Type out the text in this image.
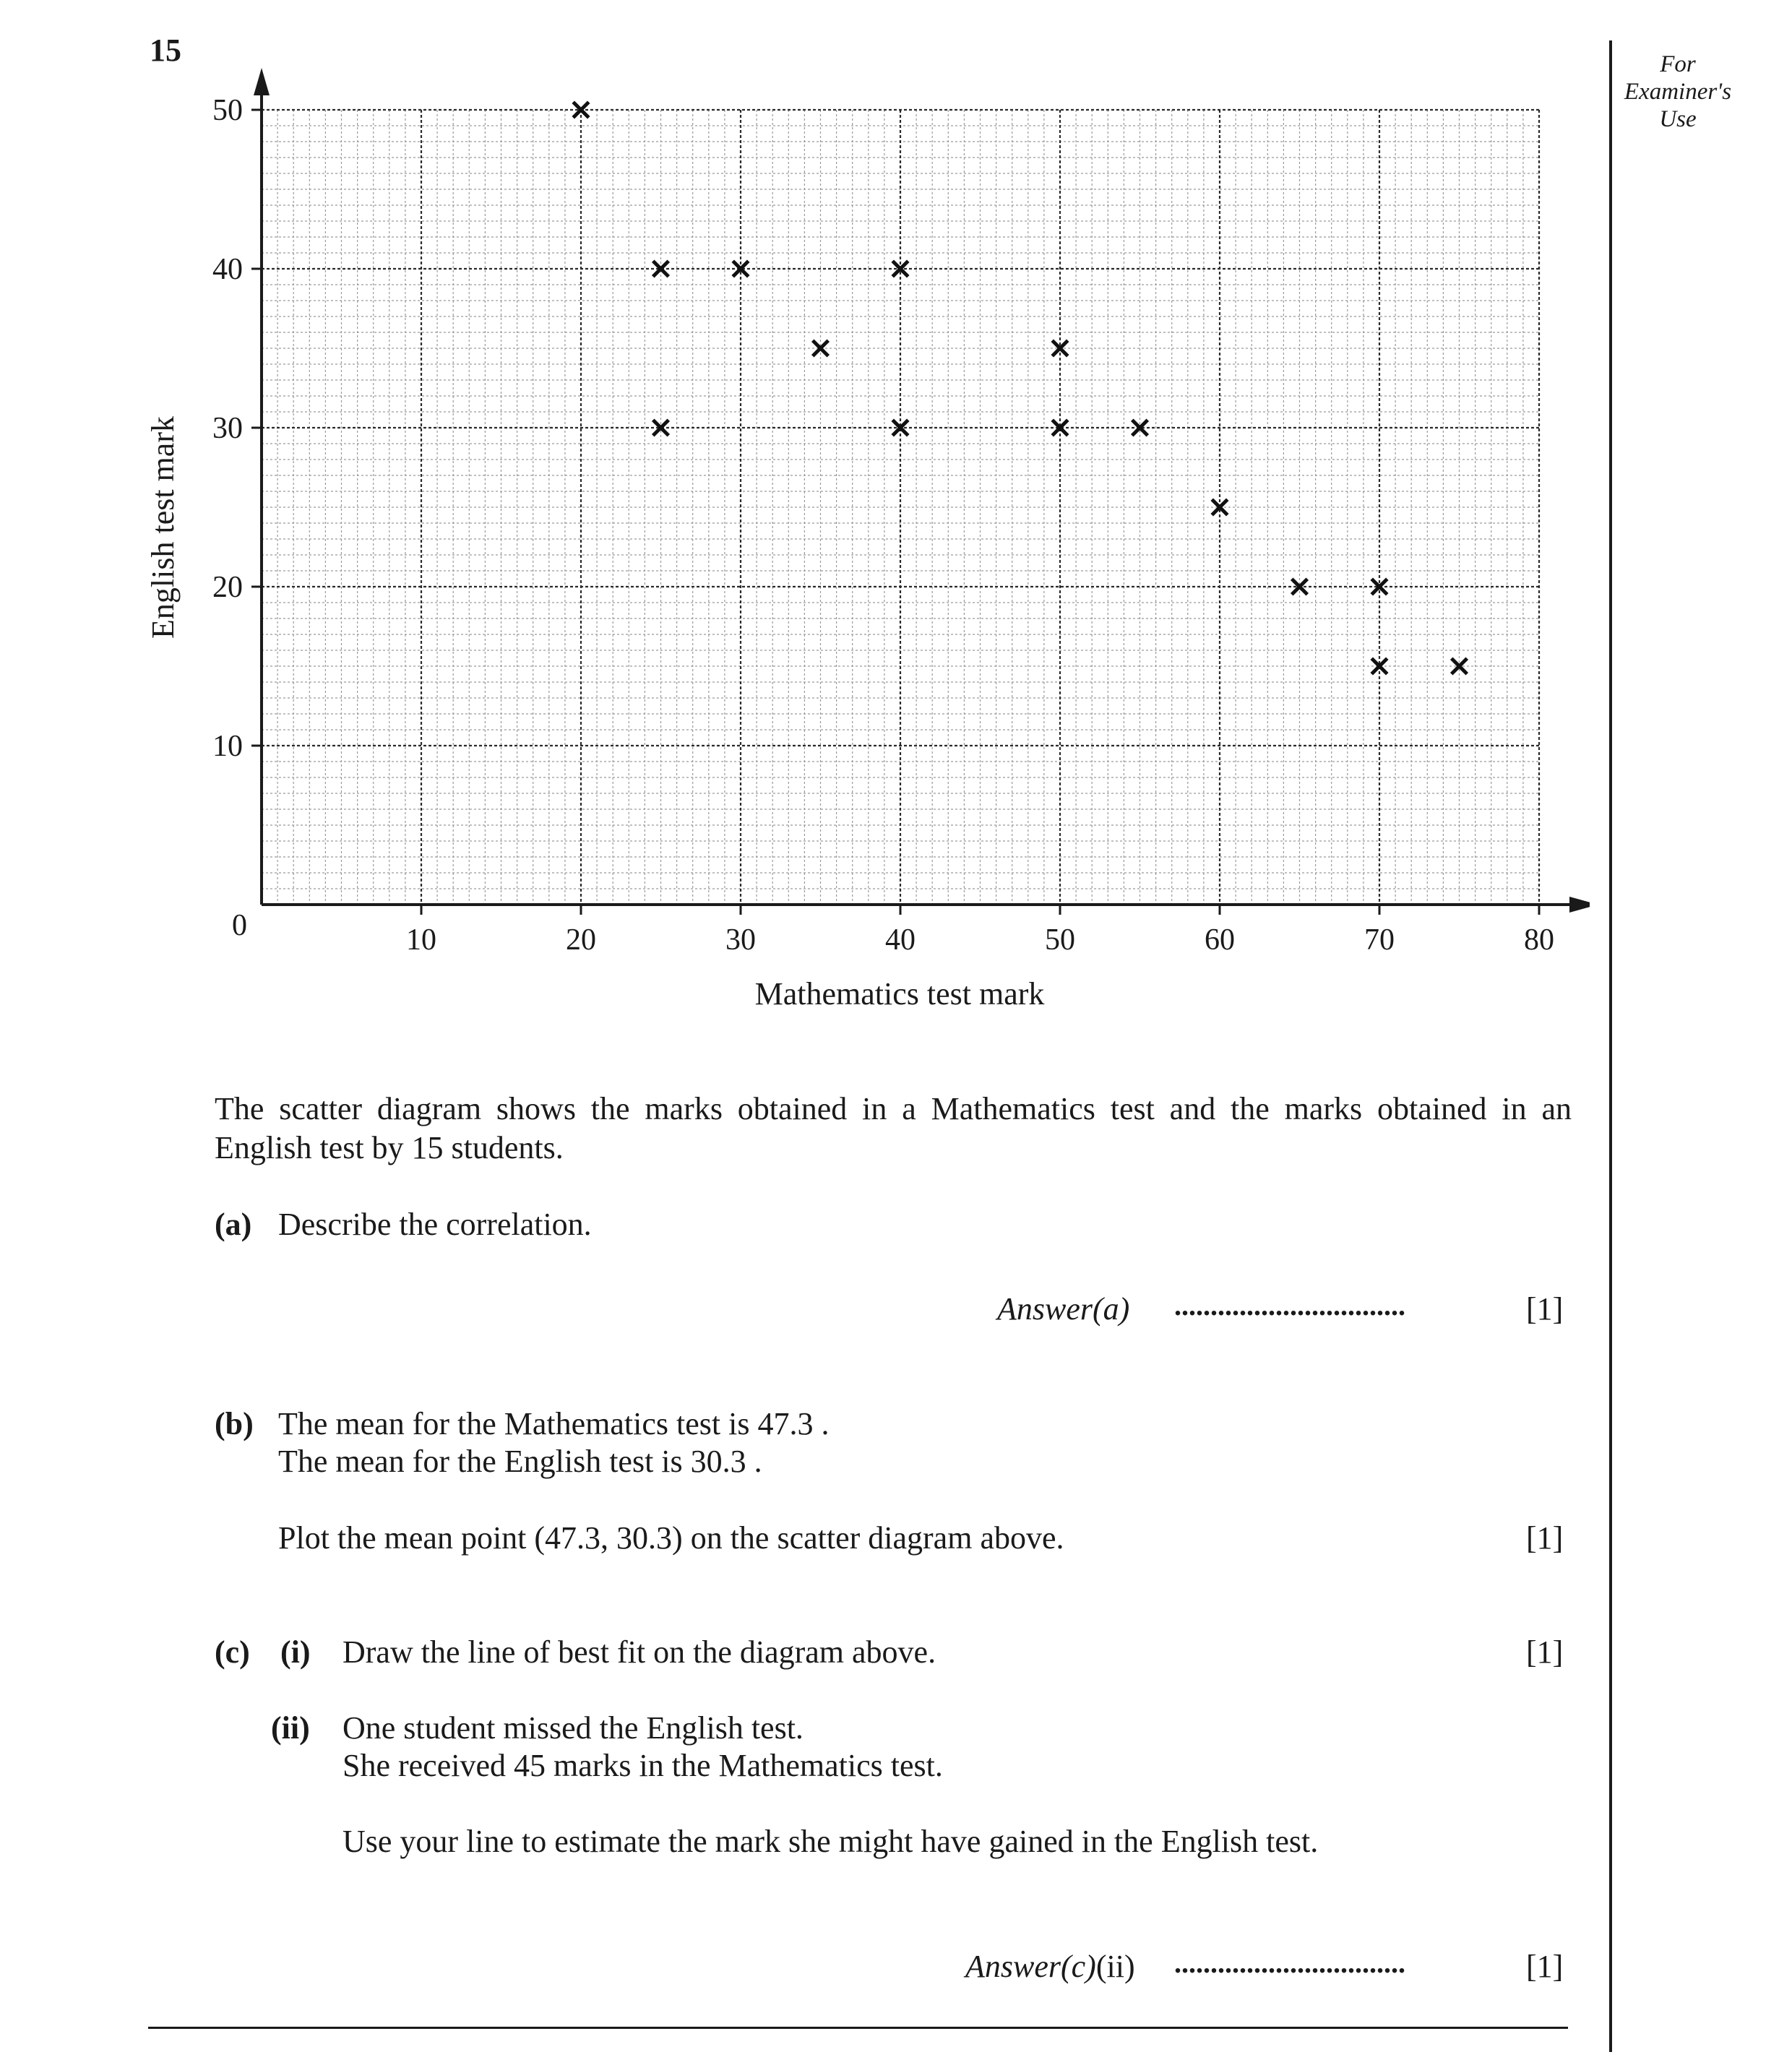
15	For
Examiner's
Use
10	20	30	40	50	60	70	80
10
20
30
40
50
0
Mathematics test mark
English test mark
The scatter diagram shows the marks obtained in a Mathematics test and the marks obtained in an
English test by 15 students.
(a) Describe the correlation.
Answer(a) ................................	[1]
(b) The mean for the Mathematics test is 47.3 .
The mean for the English test is 30.3 .
Plot the mean point (47.3, 30.3) on the scatter diagram above.	[1]
(c) (i) Draw the line of best fit on the diagram above.	[1]
(ii) One student missed the English test.
She received 45 marks in the Mathematics test.
Use your line to estimate the mark she might have gained in the English test.
Answer(c)(ii) ................................	[1]
